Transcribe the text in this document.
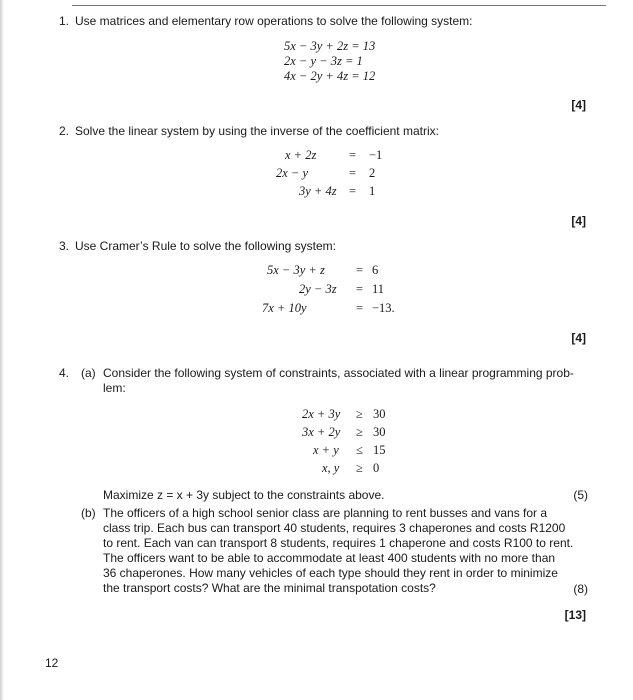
1. Use matrices and elementary row operations to solve the following system:
5x − 3y + 2z = 13
2x − y − 3z = 1
4x − 2y + 4z = 12
[4]
2. Solve the linear system by using the inverse of the coefficient matrix:
x + 2z	= −1
2x − y	= 2
3y + 4z = 1
[4]
3. Use Cramer’s Rule to solve the following system:
5x − 3y + z = 6
2y − 3z = 11
7x + 10y	= −13.
[4]
4. (a) Consider the following system of constraints, associated with a linear programming prob-
lem:
2x + 3y ≥ 30
3x + 2y ≥ 30
x + y ≤ 15
x, y ≥ 0
Maximize z = x + 3y subject to the constraints above.	(5)
(b) The officers of a high school senior class are planning to rent busses and vans for a
class trip. Each bus can transport 40 students, requires 3 chaperones and costs R1200
to rent. Each van can transport 8 students, requires 1 chaperone and costs R100 to rent.
The officers want to be able to accommodate at least 400 students with no more than
36 chaperones. How many vehicles of each type should they rent in order to minimize
the transport costs? What are the minimal transpotation costs?	(8)
[13]
12
